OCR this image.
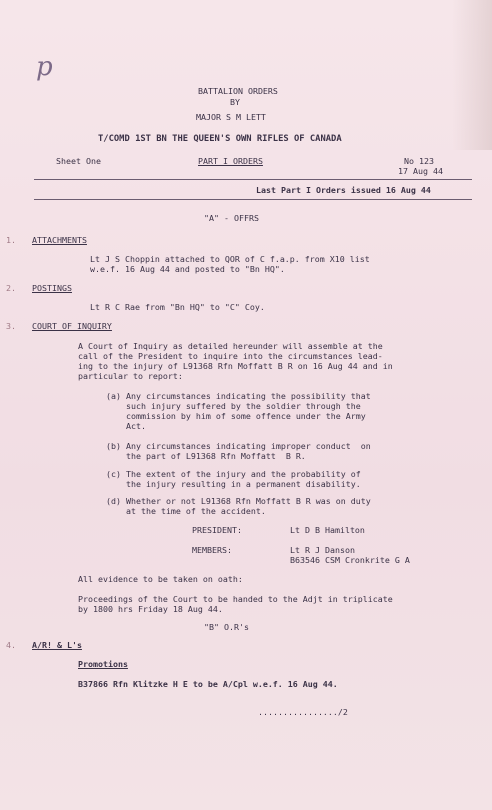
p
BATTALION ORDERS
BY
MAJOR S M LETT
T/COMD 1ST BN THE QUEEN'S OWN RIFLES OF CANADA
Sheet One	PART I ORDERS	No 123
17 Aug 44
Last Part I Orders issued 16 Aug 44
"A" - OFFRS
1. ATTACHMENTS
Lt J S Choppin attached to QOR of C f.a.p. from X10 list
w.e.f. 16 Aug 44 and posted to "Bn HQ".
2. POSTINGS
Lt R C Rae from "Bn HQ" to "C" Coy.
3. COURT OF INQUIRY
A Court of Inquiry as detailed hereunder will assemble at the
call of the President to inquire into the circumstances lead-
ing to the injury of L91368 Rfn Moffatt B R on 16 Aug 44 and in
particular to report:
(a) Any circumstances indicating the possibility that
such injury suffered by the soldier through the
commission by him of some offence under the Army
Act.
(b) Any circumstances indicating improper conduct  on
the part of L91368 Rfn Moffatt  B R.
(c) The extent of the injury and the probability of
the injury resulting in a permanent disability.
(d) Whether or not L91368 Rfn Moffatt B R was on duty
at the time of the accident.
PRESIDENT:	Lt D B Hamilton
MEMBERS:	Lt R J Danson
B63546 CSM Cronkrite G A
All evidence to be taken on oath:
Proceedings of the Court to be handed to the Adjt in triplicate
by 1800 hrs Friday 18 Aug 44.
"B" O.R's
4. A/R! & L's
Promotions
B37866 Rfn Klitzke H E to be A/Cpl w.e.f. 16 Aug 44.
................/2
